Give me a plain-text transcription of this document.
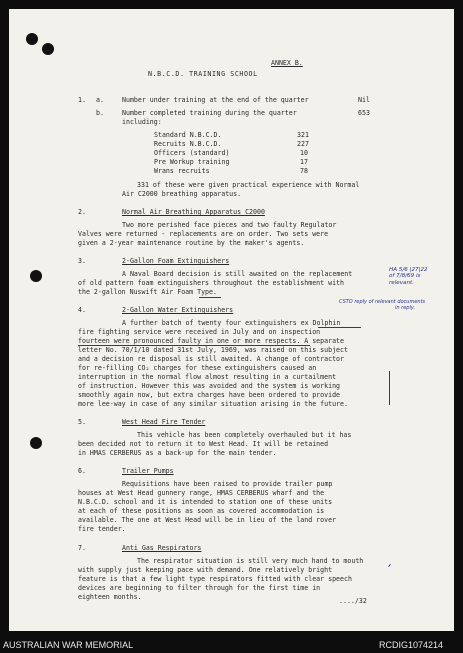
ANNEX B.
N.B.C.D. TRAINING SCHOOL
1. a.	Number under training at the end of the quarter	Nil
b.	Number completed training during the quarter	653
including:
Standard N.B.C.D.	321
Recruits N.B.C.D.	227
Officers (standard)	10
Pre Workup training	17
Wrans recruits	78
331 of these were given practical experience with Normal
Air C2000 breathing apparatus.
2.	Normal Air Breathing Apparatus C2000
Two more perished face pieces and two faulty Regulator
Valves were returned - replacements are on order. Two sets were
given a 2-year maintenance routine by the maker's agents.
3.	2-Gallon Foam Extinguishers
A Naval Board decision is still awaited on the replacement
of old pattern foam extinguishers throughout the establishment with
the 2-gallon Nuswift Air Foam Type.
4.	2-Gallon Water Extinguishers
A further batch of twenty four extinguishers ex Dolphin
fire fighting service were received in July and on inspection
fourteen were pronounced faulty in one or more respects. A separate
letter No. 70/1/10 dated 31st July, 1969, was raised on this subject
and a decision re disposal is still awaited. A change of contractor
for re-filling CO₂ charges for these extinguishers caused an
interruption in the normal flow almost resulting in a curtailment
of instruction. However this was avoided and the system is working
smoothly again now, but extra charges have been ordered to provide
more lee-way in case of any similar situation arising in the future.
5.	West Head Fire Tender
This vehicle has been completely overhauled but it has
been decided not to return it to West Head. It will be retained
in HMAS CERBERUS as a back-up for the main tender.
6.	Trailer Pumps
Requisitions have been raised to provide trailer pump
houses at West Head gunnery range, HMAS CERBERUS wharf and the
N.B.C.D. school and it is intended to station one of these units
at each of these positions as soon as covered accommodation is
available. The one at West Head will be in lieu of the land rover
fire tender.
7.	Anti Gas Respirators
The respirator situation is still very much hand to mouth
with supply just keeping pace with demand. One relatively bright
feature is that a few light type respirators fitted with clear speech
devices are beginning to filter through for the first time in
eighteen months.	..../32
HA 5/6 |27|22
of 7/8/69 is
relevant.
CSTO reply of relevant documents
in reply.
AUSTRALIAN WAR MEMORIAL	RCDIG1074214
